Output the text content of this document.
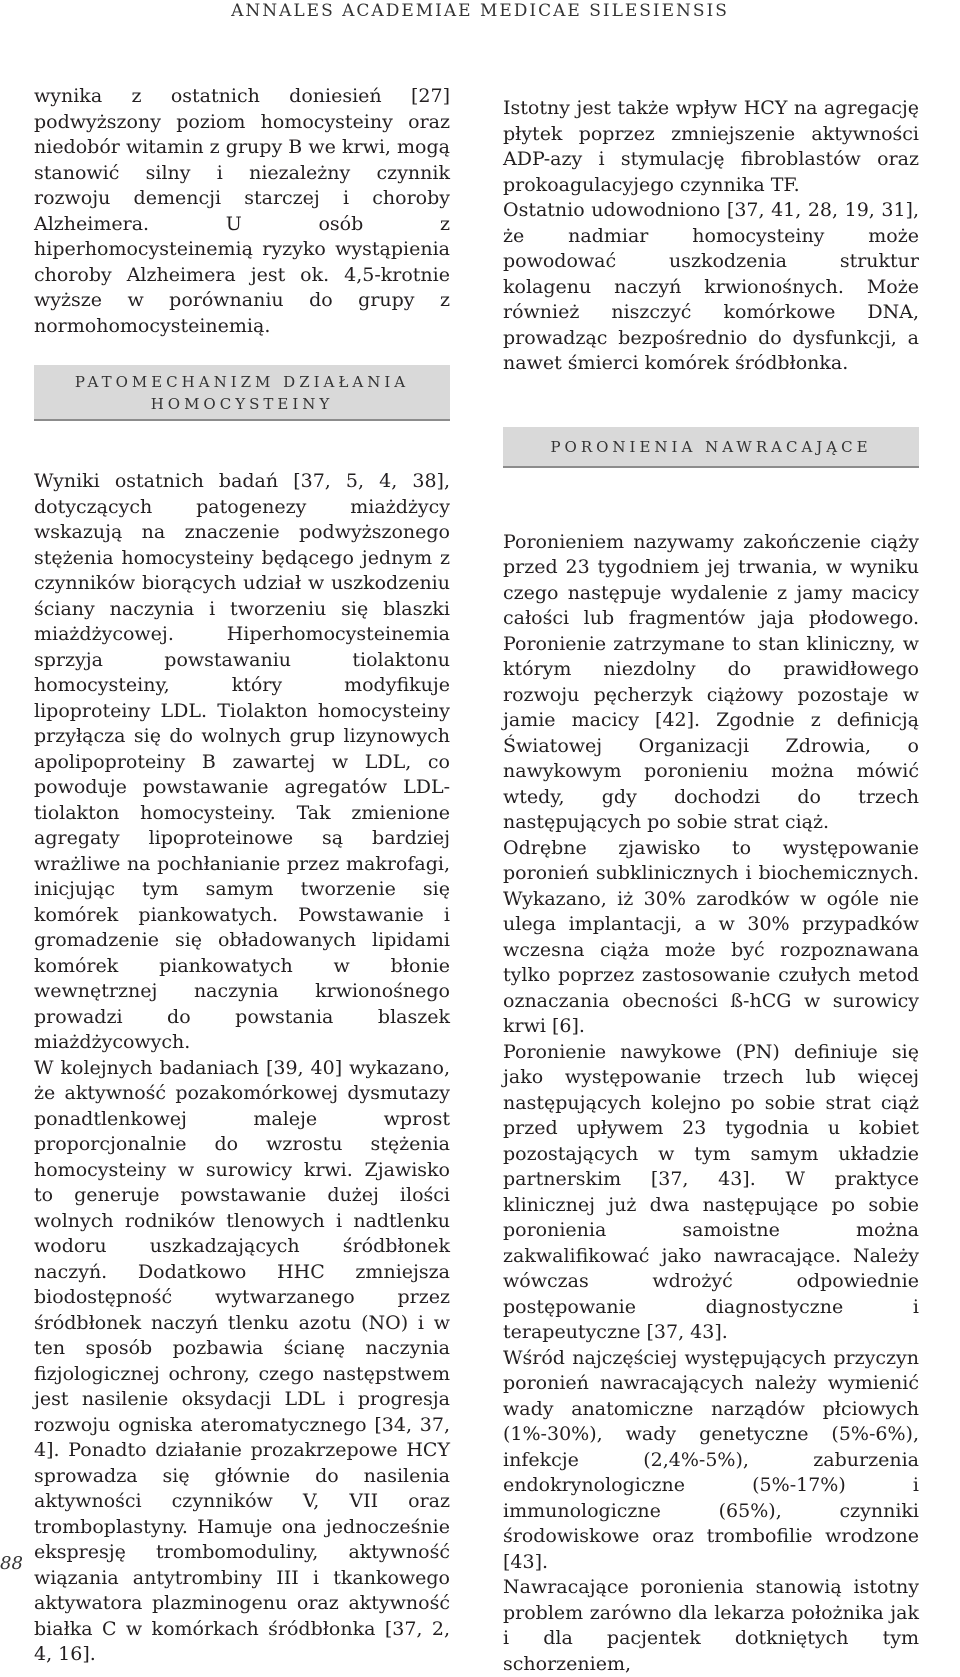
ANNALES ACADEMIAE MEDICAE SILESIENSIS

wynika z ostatnich doniesień [27] podwyższony poziom homocysteiny oraz niedobór witamin z grupy B we krwi, mogą stanowić silny i niezależny czynnik rozwoju demencji starczej i choroby Alzheimera. U osób z hiperhomocysteinemią ryzyko wystąpienia choroby Alzheimera jest ok. 4,5-krotnie wyższe w porównaniu do grupy z normohomocysteinemią.

PATOMECHANIZM DZIAŁANIA
HOMOCYSTEINY

Wyniki ostatnich badań [37, 5, 4, 38], dotyczących patogenezy miażdżycy wskazują na znaczenie podwyższonego stężenia homocysteiny będącego jednym z czynników biorących udział w uszkodzeniu ściany naczynia i tworzeniu się blaszki miażdżycowej. Hiperhomocysteinemia sprzyja powstawaniu tiolaktonu homocysteiny, który modyfikuje lipoproteiny LDL. Tiolakton homocysteiny przyłącza się do wolnych grup lizynowych apolipoproteiny B zawartej w LDL, co powoduje powstawanie agregatów LDL-tiolakton homocysteiny. Tak zmienione agregaty lipoproteinowe są bardziej wrażliwe na pochłanianie przez makrofagi, inicjując tym samym tworzenie się komórek piankowatych. Powstawanie i gromadzenie się obładowanych lipidami komórek piankowatych w błonie wewnętrznej naczynia krwionośnego prowadzi do powstania blaszek miażdżycowych.

W kolejnych badaniach [39, 40] wykazano, że aktywność pozakomórkowej dysmutazy ponadtlenkowej maleje wprost proporcjonalnie do wzrostu stężenia homocysteiny w surowicy krwi. Zjawisko to generuje powstawanie dużej ilości wolnych rodników tlenowych i nadtlenku wodoru uszkadzających śródbłonek naczyń. Dodatkowo HHC zmniejsza biodostępność wytwarzanego przez śródbłonek naczyń tlenku azotu (NO) i w ten sposób pozbawia ścianę naczynia fizjologicznej ochrony, czego następstwem jest nasilenie oksydacji LDL i progresja rozwoju ogniska ateromatycznego [34, 37, 4]. Ponadto działanie prozakrzepowe HCY sprowadza się głównie do nasilenia aktywności czynników V, VII oraz tromboplastyny. Hamuje ona jednocześnie ekspresję trombomoduliny, aktywność wiązania antytrombiny III i tkankowego aktywatora plazminogenu oraz aktywność białka C w komórkach śródbłonka [37, 2, 4, 16].

Istotny jest także wpływ HCY na agregację płytek poprzez zmniejszenie aktywności ADP-azy i stymulację fibroblastów oraz prokoagulacyjego czynnika TF.

Ostatnio udowodniono [37, 41, 28, 19, 31], że nadmiar homocysteiny może powodować uszkodzenia struktur kolagenu naczyń krwionośnych. Może również niszczyć komórkowe DNA, prowadząc bezpośrednio do dysfunkcji, a nawet śmierci komórek śródbłonka.

PORONIENIA NAWRACAJĄCE

Poronieniem nazywamy zakończenie ciąży przed 23 tygodniem jej trwania, w wyniku czego następuje wydalenie z jamy macicy całości lub fragmentów jaja płodowego. Poronienie zatrzymane to stan kliniczny, w którym niezdolny do prawidłowego rozwoju pęcherzyk ciążowy pozostaje w jamie macicy [42]. Zgodnie z definicją Światowej Organizacji Zdrowia, o nawykowym poronieniu można mówić wtedy, gdy dochodzi do trzech następujących po sobie strat ciąż.

Odrębne zjawisko to występowanie poronień subklinicznych i biochemicznych. Wykazano, iż 30% zarodków w ogóle nie ulega implantacji, a w 30% przypadków wczesna ciąża może być rozpoznawana tylko poprzez zastosowanie czułych metod oznaczania obecności ß-hCG w surowicy krwi [6].

Poronienie nawykowe (PN) definiuje się jako występowanie trzech lub więcej następujących kolejno po sobie strat ciąż przed upływem 23 tygodnia u kobiet pozostających w tym samym układzie partnerskim [37, 43]. W praktyce klinicznej już dwa następujące po sobie poronienia samoistne można zakwalifikować jako nawracające. Należy wówczas wdrożyć odpowiednie postępowanie diagnostyczne i terapeutyczne [37, 43].

Wśród najczęściej występujących przyczyn poronień nawracających należy wymienić wady anatomiczne narządów płciowych (1%-30%), wady genetyczne (5%-6%), infekcje (2,4%-5%), zaburzenia endokrynologiczne (5%-17%) i immunologiczne (65%), czynniki środowiskowe oraz trombofilie wrodzone [43].

Nawracające poronienia stanowią istotny problem zarówno dla lekarza położnika jak i dla pacjentek dotkniętych tym schorzeniem,

88
